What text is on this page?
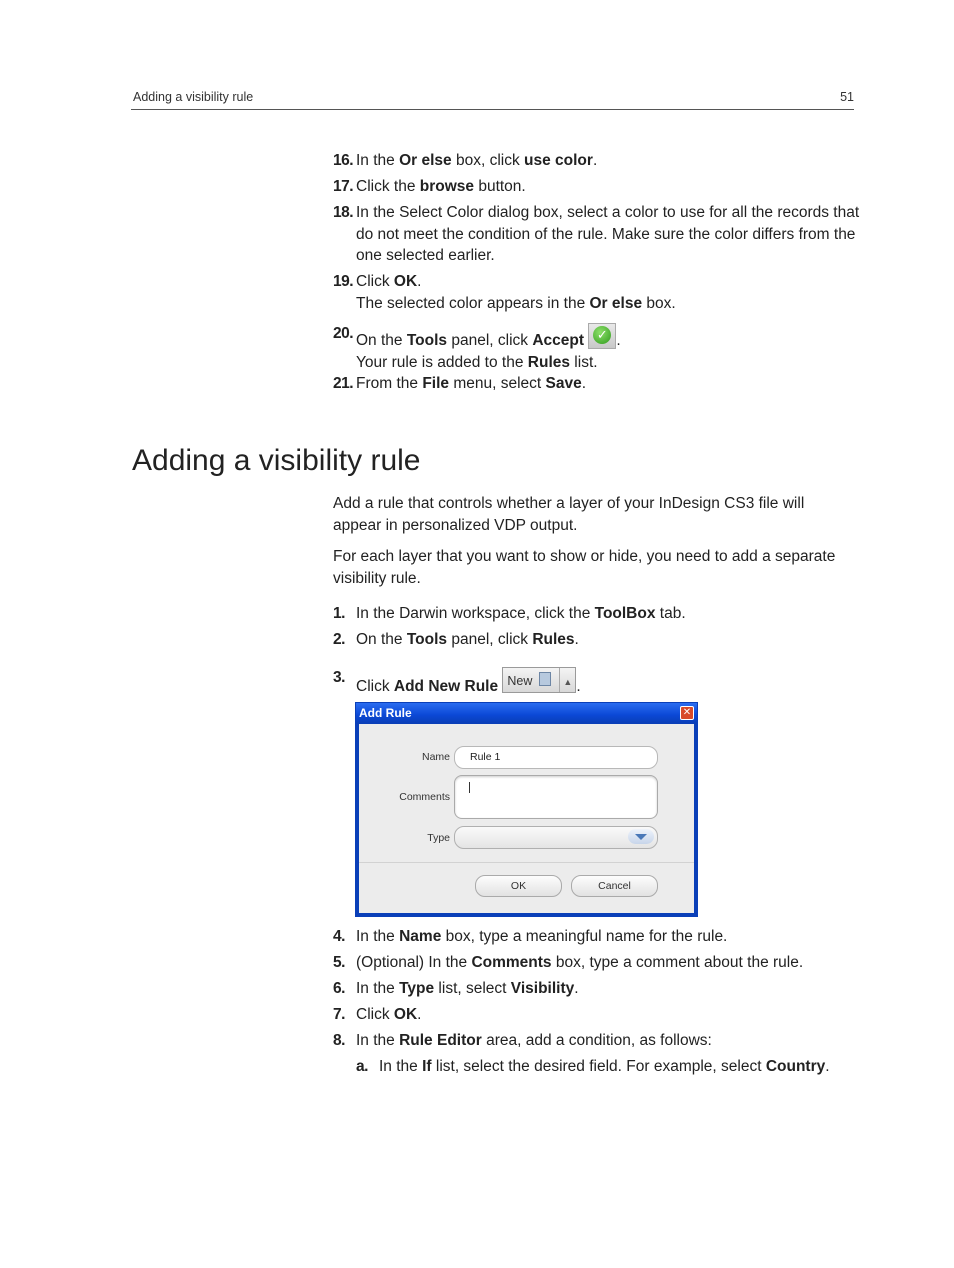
Adding a visibility rule	51
16. In the Or else box, click use color.
17. Click the browse button.
18. In the Select Color dialog box, select a color to use for all the records that do not meet the condition of the rule. Make sure the color differs from the one selected earlier.
19. Click OK.
The selected color appears in the Or else box.
20. On the Tools panel, click Accept ✓ .
Your rule is added to the Rules list.
21. From the File menu, select Save.
Adding a visibility rule
Add a rule that controls whether a layer of your InDesign CS3 file will appear in personalized VDP output.
For each layer that you want to show or hide, you need to add a separate visibility rule.
1. In the Darwin workspace, click the ToolBox tab.
2. On the Tools panel, click Rules.
3.
Click Add New Rule New	▲ .
Add Rule	✕
Name Rule 1
Comments
Type
OK	Cancel
4. In the Name box, type a meaningful name for the rule.
5. (Optional) In the Comments box, type a comment about the rule.
6. In the Type list, select Visibility.
7. Click OK.
8. In the Rule Editor area, add a condition, as follows:
a. In the If list, select the desired field. For example, select Country.
